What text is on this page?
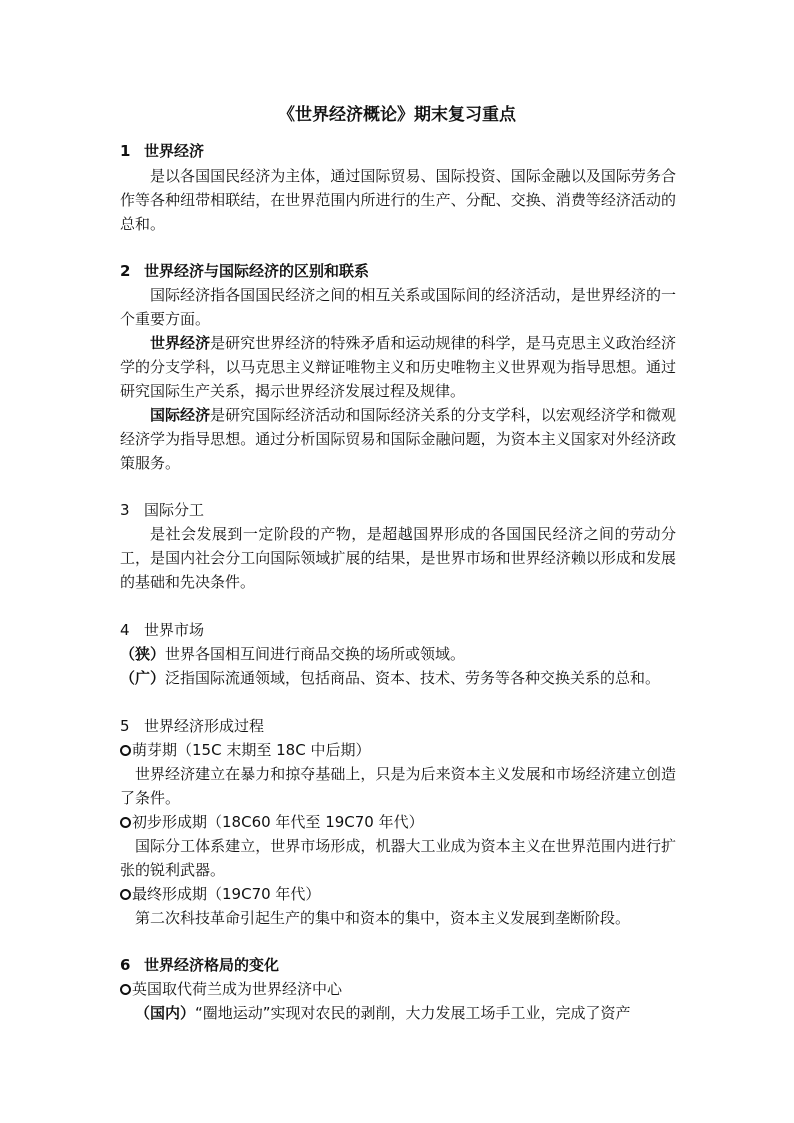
《世界经济概论》期末复习重点
1 世界经济
是以各国国民经济为主体，通过国际贸易、国际投资、国际金融以及国际劳务合作等各种纽带相联结，在世界范围内所进行的生产、分配、交换、消费等经济活动的总和。
2 世界经济与国际经济的区别和联系
国际经济指各国国民经济之间的相互关系或国际间的经济活动，是世界经济的一个重要方面。
世界经济是研究世界经济的特殊矛盾和运动规律的科学，是马克思主义政治经济学的分支学科，以马克思主义辩证唯物主义和历史唯物主义世界观为指导思想。通过研究国际生产关系，揭示世界经济发展过程及规律。
国际经济是研究国际经济活动和国际经济关系的分支学科，以宏观经济学和微观经济学为指导思想。通过分析国际贸易和国际金融问题，为资本主义国家对外经济政策服务。
3 国际分工
是社会发展到一定阶段的产物，是超越国界形成的各国国民经济之间的劳动分工，是国内社会分工向国际领域扩展的结果，是世界市场和世界经济赖以形成和发展的基础和先决条件。
4 世界市场
（狭）世界各国相互间进行商品交换的场所或领域。
（广）泛指国际流通领域，包括商品、资本、技术、劳务等各种交换关系的总和。
5 世界经济形成过程
萌芽期（15C 末期至 18C 中后期）
世界经济建立在暴力和掠夺基础上，只是为后来资本主义发展和市场经济建立创造了条件。
初步形成期（18C60 年代至 19C70 年代）
国际分工体系建立，世界市场形成，机器大工业成为资本主义在世界范围内进行扩张的锐利武器。
最终形成期（19C70 年代）
第二次科技革命引起生产的集中和资本的集中，资本主义发展到垄断阶段。
6 世界经济格局的变化
英国取代荷兰成为世界经济中心
（国内）“圈地运动”实现对农民的剥削，大力发展工场手工业，完成了资产
